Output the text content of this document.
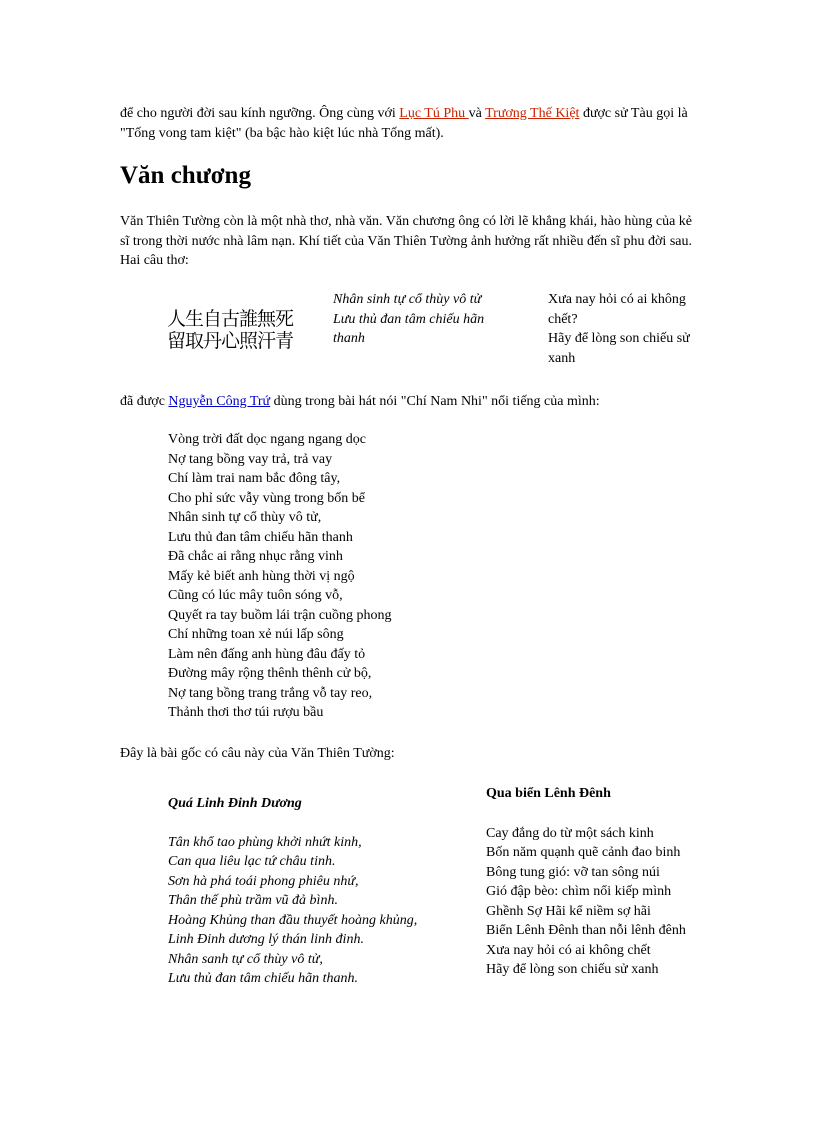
để cho người đời sau kính ngưỡng. Ông cùng với Lục Tú Phu và Trương Thế Kiệt được sử Tàu gọi là "Tống vong tam kiệt" (ba bậc hào kiệt lúc nhà Tống mất).
Văn chương
Văn Thiên Tường còn là một nhà thơ, nhà văn. Văn chương ông có lời lẽ khẳng khái, hào hùng của kẻ sĩ trong thời nước nhà lâm nạn. Khí tiết của Văn Thiên Tường ảnh hưởng rất nhiều đến sĩ phu đời sau. Hai câu thơ:
人生自古誰無死
留取丹心照汗青
Nhân sinh tự cổ thùy vô tử
Lưu thủ đan tâm chiếu hãn thanh
Xưa nay hỏi có ai không chết?
Hãy để lòng son chiếu sử xanh
đã được Nguyễn Công Trứ dùng trong bài hát nói "Chí Nam Nhi" nổi tiếng của mình:
Vòng trời đất dọc ngang ngang dọc
Nợ tang bồng vay trả, trả vay
Chí làm trai nam bắc đông tây,
Cho phỉ sức vẫy vùng trong bốn bể
Nhân sinh tự cổ thùy vô tử,
Lưu thủ đan tâm chiếu hãn thanh
Đã chắc ai rằng nhục rằng vinh
Mấy kẻ biết anh hùng thời vị ngộ
Cũng có lúc mây tuôn sóng vỗ,
Quyết ra tay buồm lái trận cuồng phong
Chí những toan xẻ núi lấp sông
Làm nên đấng anh hùng đâu đấy tỏ
Đường mây rộng thênh thênh cử bộ,
Nợ tang bồng trang trắng vỗ tay reo,
Thảnh thơi thơ túi rượu bầu
Đây là bài gốc có câu này của Văn Thiên Tường:
Quá Linh Đinh Dương
Tân khổ tao phùng khởi nhứt kinh,
Can qua liêu lạc tứ châu tinh.
Sơn hà phá toái phong phiêu nhứ,
Thân thế phù trầm vũ đả bình.
Hoàng Khủng than đầu thuyết hoàng khủng,
Linh Đinh dương lý thán linh đinh.
Nhân sanh tự cổ thùy vô tử,
Lưu thủ đan tâm chiếu hãn thanh.
Qua biển Lênh Đênh
Cay đắng do từ một sách kinh
Bốn năm quạnh quẽ cảnh đao binh
Bông tung gió: vỡ tan sông núi
Gió đập bèo: chìm nổi kiếp mình
Ghềnh Sợ Hãi kể niềm sợ hãi
Biển Lênh Đênh than nỗi lênh đênh
Xưa nay hỏi có ai không chết
Hãy để lòng son chiếu sử xanh
